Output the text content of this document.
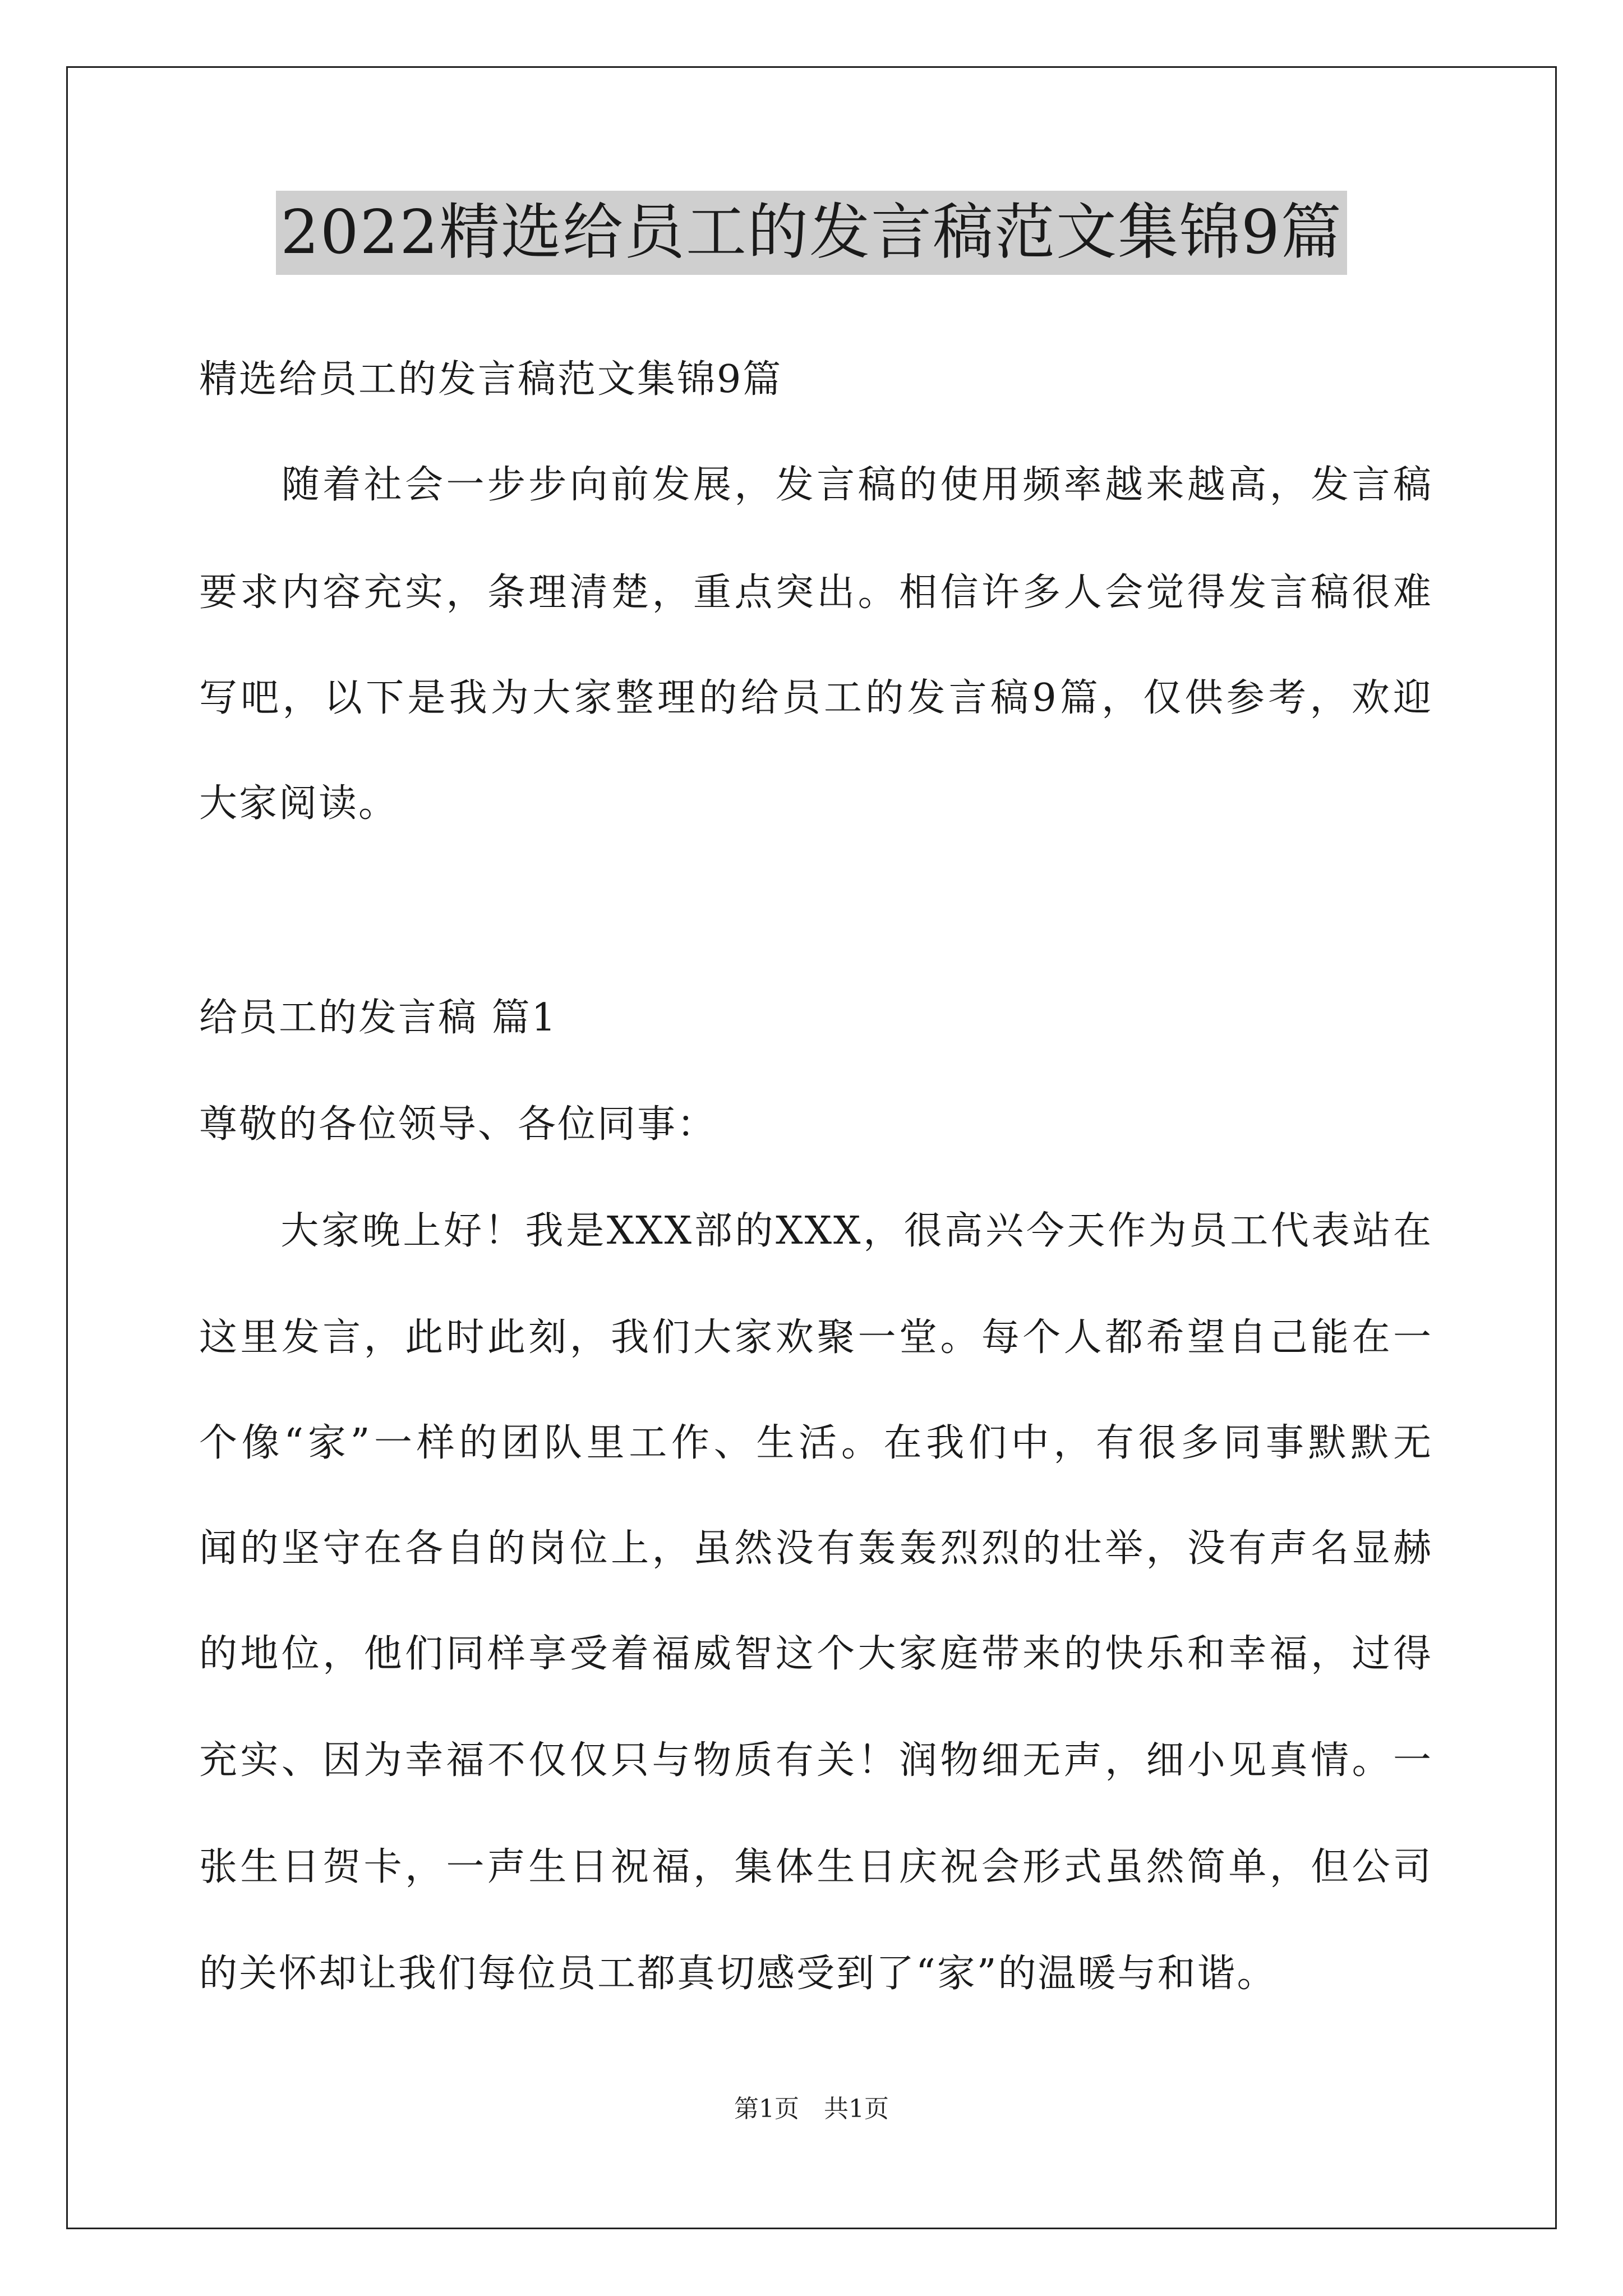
2022精选给员工的发言稿范文集锦9篇
精选给员工的发言稿范文集锦9篇
　　随着社会一步步向前发展，发言稿的使用频率越来越高，发言稿
要求内容充实，条理清楚，重点突出。相信许多人会觉得发言稿很难
写吧，以下是我为大家整理的给员工的发言稿9篇，仅供参考，欢迎
大家阅读。
给员工的发言稿 篇1
尊敬的各位领导、各位同事：
　　大家晚上好！我是XXX部的XXX，很高兴今天作为员工代表站在
这里发言，此时此刻，我们大家欢聚一堂。每个人都希望自己能在一
个像“家”一样的团队里工作、生活。在我们中，有很多同事默默无
闻的坚守在各自的岗位上，虽然没有轰轰烈烈的壮举，没有声名显赫
的地位，他们同样享受着福威智这个大家庭带来的快乐和幸福，过得
充实、因为幸福不仅仅只与物质有关！润物细无声，细小见真情。一
张生日贺卡，一声生日祝福，集体生日庆祝会形式虽然简单，但公司
的关怀却让我们每位员工都真切感受到了“家”的温暖与和谐。
第1页　共1页
